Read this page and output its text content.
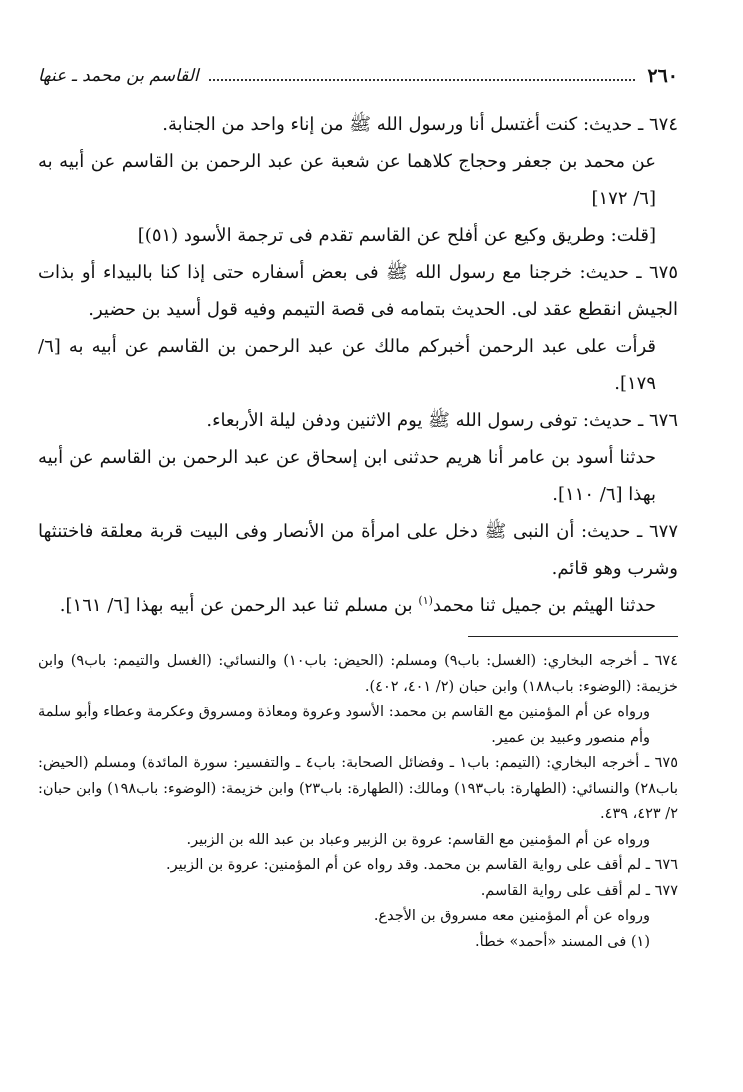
٢٦٠
القاسم بن محمد ـ عنها

٦٧٤ ـ حديث: كنت أغتسل أنا ورسول الله ﷺ من إناء واحد من الجنابة.

عن محمد بن جعفر وحجاج كلاهما عن شعبة عن عبد الرحمن بن القاسم عن أبيه به [٦/ ١٧٢]

[قلت: وطريق وكيع عن أفلح عن القاسم تقدم فى ترجمة الأسود (٥١)]

٦٧٥ ـ حديث: خرجنا مع رسول الله ﷺ فى بعض أسفاره حتى إذا كنا بالبيداء أو بذات الجيش انقطع عقد لى. الحديث بتمامه فى قصة التيمم وفيه قول أسيد بن حضير.

قرأت على عبد الرحمن أخبركم مالك عن عبد الرحمن بن القاسم عن أبيه به [٦/ ١٧٩].

٦٧٦ ـ حديث: توفى رسول الله ﷺ يوم الاثنين ودفن ليلة الأربعاء.

حدثنا أسود بن عامر أنا هريم حدثنى ابن إسحاق عن عبد الرحمن بن القاسم عن أبيه بهذا [٦/ ١١٠].

٦٧٧ ـ حديث: أن النبى ﷺ دخل على امرأة من الأنصار وفى البيت قربة معلقة فاختنثها وشرب وهو قائم.

حدثنا الهيثم بن جميل ثنا محمد$^{(١)}$ بن مسلم ثنا عبد الرحمن عن أبيه بهذا [٦/ ١٦١].

٦٧٤ ـ أخرجه البخاري: (الغسل: باب٩) ومسلم: (الحيض: باب١٠) والنسائي: (الغسل والتيمم: باب٩) وابن خزيمة: (الوضوء: باب١٨٨) وابن حبان (٢/ ٤٠١، ٤٠٢).

ورواه عن أم المؤمنين مع القاسم بن محمد: الأسود وعروة ومعاذة ومسروق وعكرمة وعطاء وأبو سلمة وأم منصور وعبيد بن عمير.

٦٧٥ ـ أخرجه البخاري: (التيمم: باب١ ـ وفضائل الصحابة: باب٤ ـ والتفسير: سورة المائدة) ومسلم (الحيض: باب٢٨) والنسائي: (الطهارة: باب١٩٣) ومالك: (الطهارة: باب٢٣) وابن خزيمة: (الوضوء: باب١٩٨) وابن حبان: ٢/ ٤٢٣، ٤٣٩.

ورواه عن أم المؤمنين مع القاسم: عروة بن الزبير وعباد بن عبد الله بن الزبير.

٦٧٦ ـ لم أقف على رواية القاسم بن محمد. وقد رواه عن أم المؤمنين: عروة بن الزبير.

٦٧٧ ـ لم أقف على رواية القاسم.

ورواه عن أم المؤمنين معه مسروق بن الأجدع.

(١) فى المسند «أحمد» خطأ.
